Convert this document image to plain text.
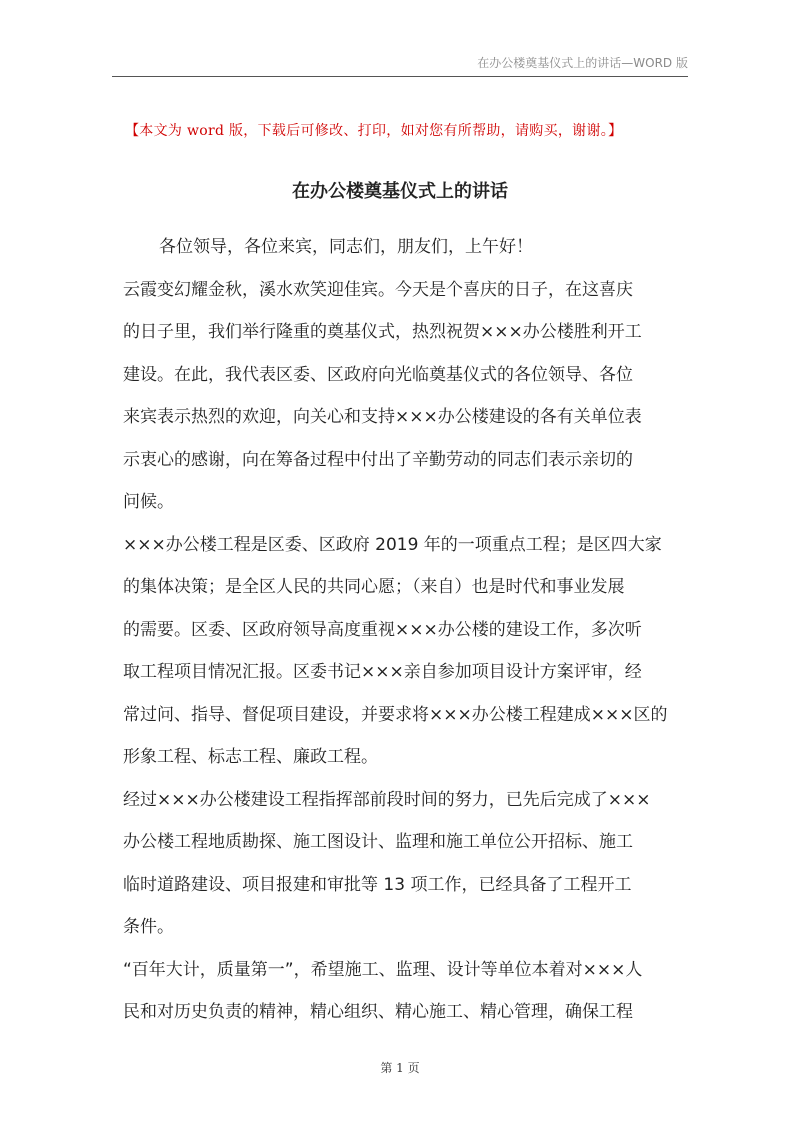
在办公楼奠基仪式上的讲话—WORD 版
【本文为 word 版，下载后可修改、打印，如对您有所帮助，请购买，谢谢。】
在办公楼奠基仪式上的讲话

各位领导，各位来宾，同志们，朋友们，上午好！

云霞变幻耀金秋，溪水欢笑迎佳宾。今天是个喜庆的日子，在这喜庆

的日子里，我们举行隆重的奠基仪式，热烈祝贺×××办公楼胜利开工

建设。在此，我代表区委、区政府向光临奠基仪式的各位领导、各位

来宾表示热烈的欢迎，向关心和支持×××办公楼建设的各有关单位表

示衷心的感谢，向在筹备过程中付出了辛勤劳动的同志们表示亲切的

问候。

×××办公楼工程是区委、区政府 2019 年的一项重点工程；是区四大家

的集体决策；是全区人民的共同心愿；（来自）也是时代和事业发展

的需要。区委、区政府领导高度重视×××办公楼的建设工作，多次听

取工程项目情况汇报。区委书记×××亲自参加项目设计方案评审，经

常过问、指导、督促项目建设，并要求将×××办公楼工程建成×××区的

形象工程、标志工程、廉政工程。

经过×××办公楼建设工程指挥部前段时间的努力，已先后完成了×××

办公楼工程地质勘探、施工图设计、监理和施工单位公开招标、施工

临时道路建设、项目报建和审批等 13 项工作，已经具备了工程开工

条件。

“百年大计，质量第一”，希望施工、监理、设计等单位本着对×××人

民和对历史负责的精神，精心组织、精心施工、精心管理，确保工程

第 1 页
